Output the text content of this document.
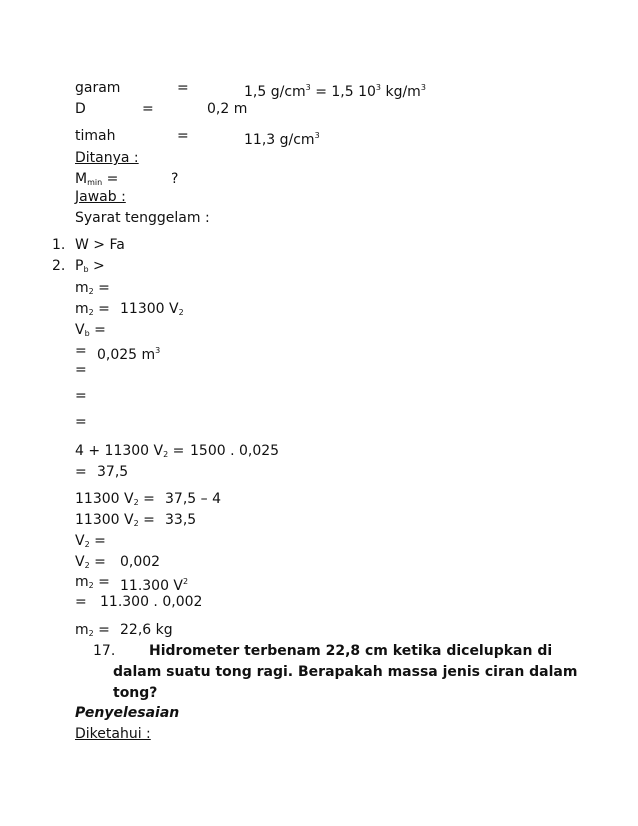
garam	=	1,5 $g/cm^3 = 1,5$ $10^3$ $kg/m^3$
D	=	0,2 m
timah	=	11,3 $g/cm^3$
Ditanya :
$M_{min}$ =	?
Jawab :
Syarat tenggelam :
1. W > Fa
2. $P_b$ >
$m_2$ =
$m_2 = 11300$ $V_2$
$V_b$ =
= 0,025 $m^3$
=
=
=
4 + 11300 $V_2 = 1500$ . 0,025
= 37,5
11300 $V_2 = 37,5 - 4$
11300 $V_2 = 33,5$
$V_2$ =
$V_2 = 0,002$
$m_2 = 11.300$ $V^2$
= 11.300 . 0,002
$m_2 = 22,6$ kg
17. Hidrometer terbenam 22,8 cm ketika dicelupkan di
dalam suatu tong ragi. Berapakah massa jenis ciran dalam
tong?
Penyelesaian
Diketahui :
